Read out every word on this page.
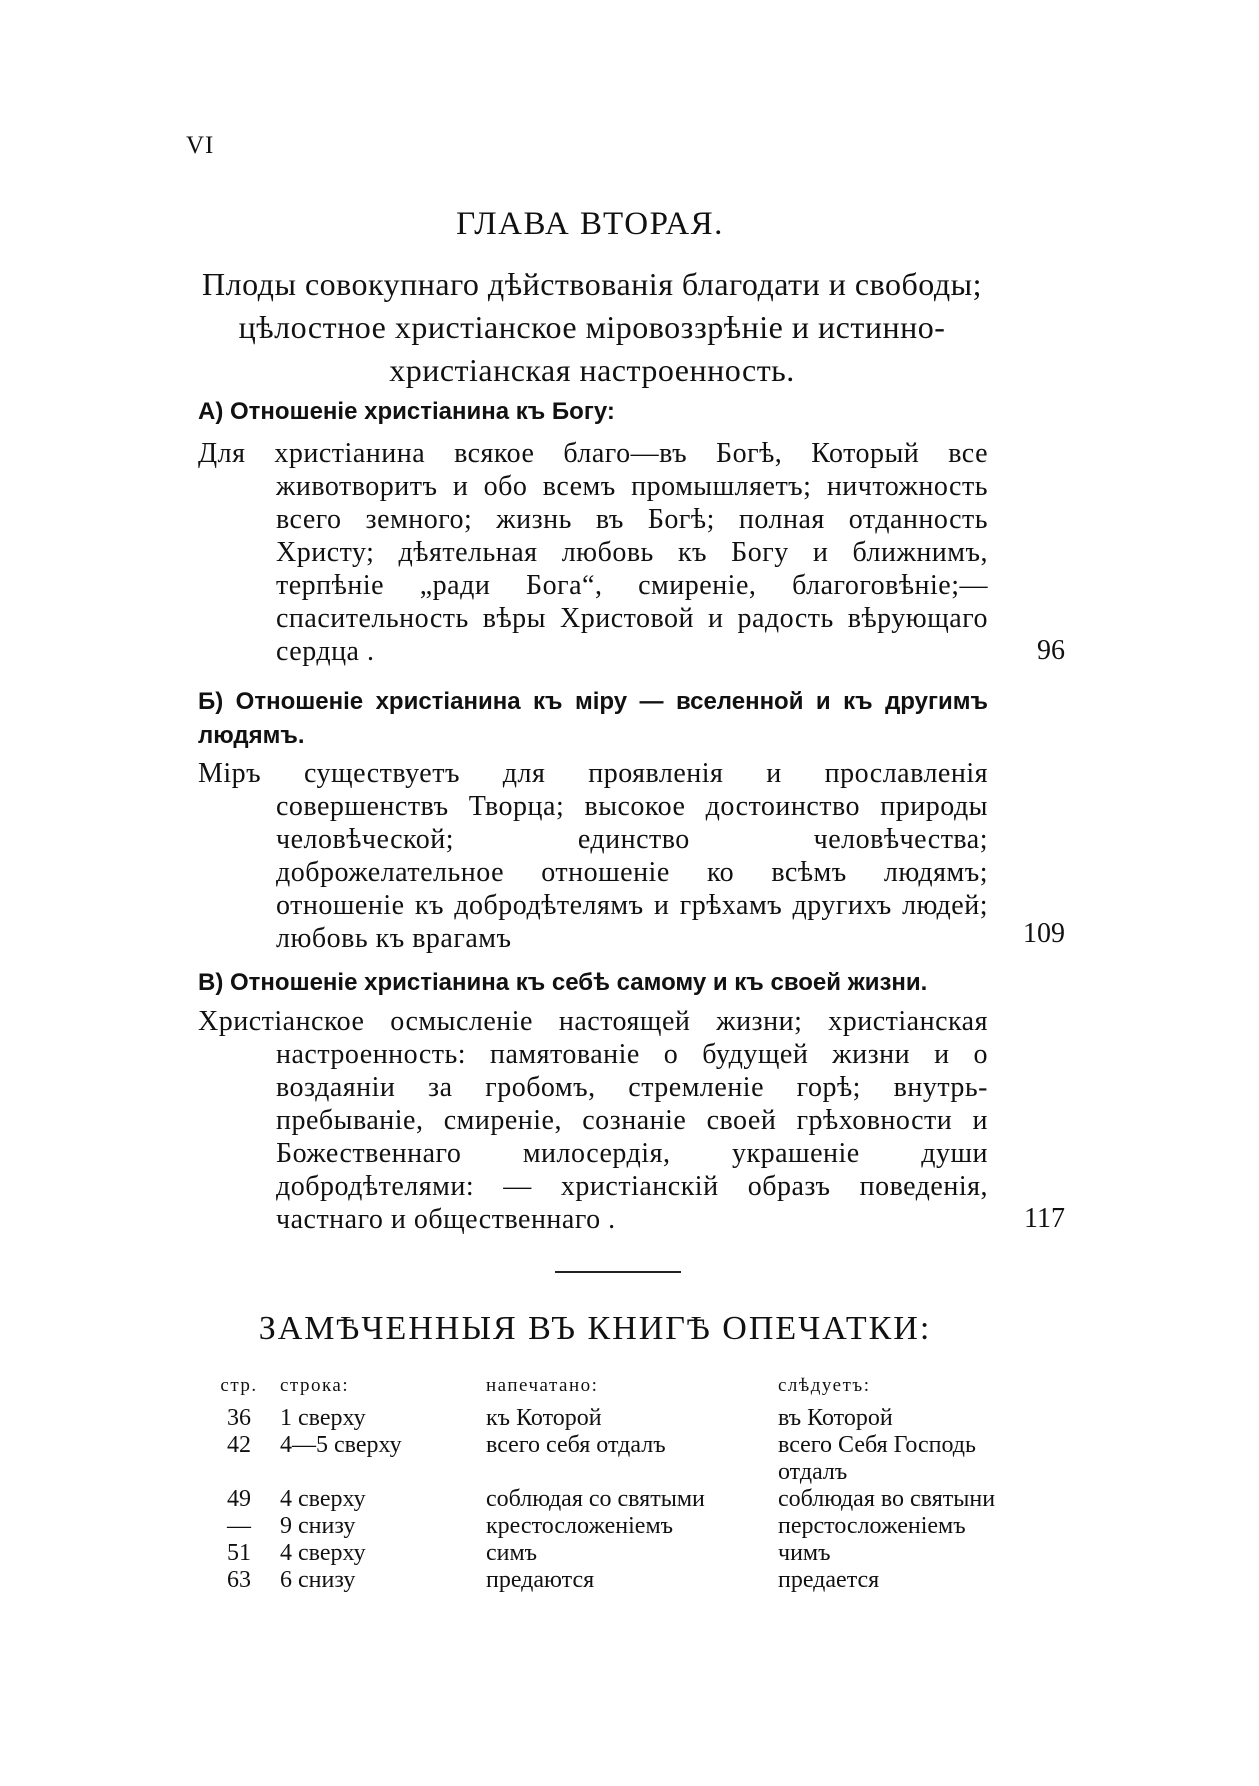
VI
ГЛАВА ВТОРАЯ.
Плоды совокупнаго дѣйствованія благодати и свободы; цѣлостное христіанское міровоззрѣніе и истинно-христіанская настроенность.
А) Отношеніе христіанина къ Богу:
Для христіанина всякое благо—въ Богѣ, Который все животворитъ и обо всемъ промышляетъ; ничтожность всего земного; жизнь въ Богѣ; полная отданность Христу; дѣятельная любовь къ Богу и ближнимъ, терпѣніе „ради Бога“, смиреніе, благоговѣніе;—спасительность вѣры Христовой и радость вѣрующаго сердца .	96
Б) Отношеніе христіанина къ міру — вселенной и къ другимъ людямъ.
Міръ существуетъ для проявленія и прославленія совершенствъ Творца; высокое достоинство природы человѣческой; единство человѣчества; доброжелательное отношеніе ко всѣмъ людямъ; отношеніе къ добродѣтелямъ и грѣхамъ другихъ людей; любовь къ врагамъ	109
В) Отношеніе христіанина къ себѣ самому и къ своей жизни.
Христіанское осмысленіе настоящей жизни; христіанская настроенность: памятованіе о будущей жизни и о воздаяніи за гробомъ, стремленіе горѣ; внутрь-пребываніе, смиреніе, сознаніе своей грѣховности и Божественнаго милосердія, украшеніе души добродѣтелями: — христіанскій образъ поведенія, частнаго и общественнаго .	117
ЗАМѢЧЕННЫЯ ВЪ КНИГѢ ОПЕЧАТКИ:
стр.	строка:	напечатано:	слѣдуетъ:
36	1 сверху	къ Которой	въ Которой
42	4—5 сверху	всего себя отдалъ	всего Себя Господь отдалъ
49	4 сверху	соблюдая со святыми	соблюдая во святыни
—	9 снизу	крестосложеніемъ	перстосложеніемъ
51	4 сверху	симъ	чимъ
63	6 снизу	предаются	предается
